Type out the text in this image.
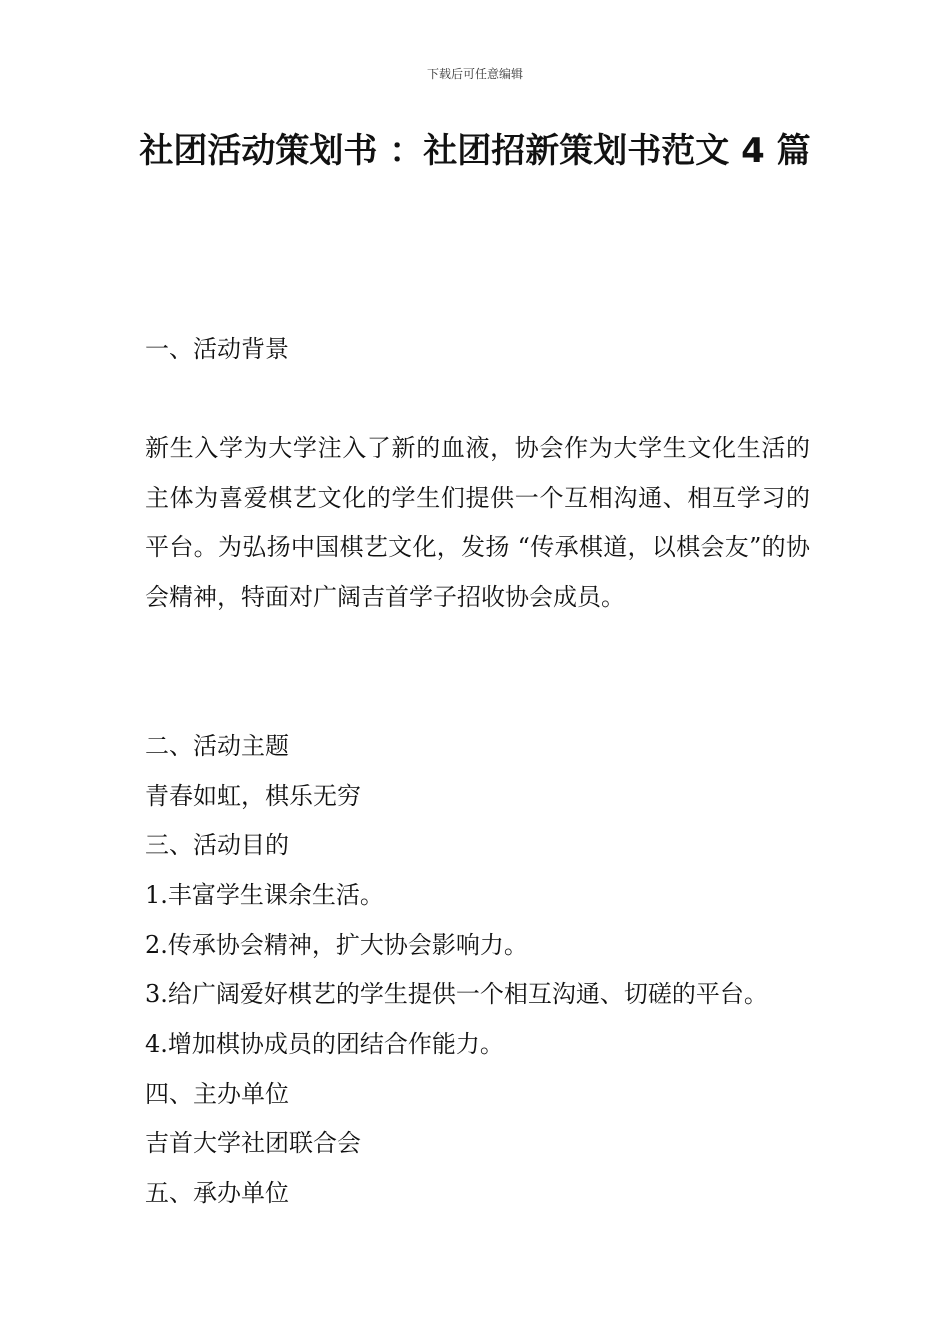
下载后可任意编辑
社团活动策划书 ：社团招新策划书范文 4 篇
一、活动背景

新生入学为大学注入了新的血液，协会作为大学生文化生活的主体为喜爱棋艺文化的学生们提供一个互相沟通、相互学习的平台。为弘扬中国棋艺文化，发扬 “传承棋道，以棋会友”的协会精神，特面对广阔吉首学子招收协会成员。

二、活动主题
青春如虹，棋乐无穷
三、活动目的
1.丰富学生课余生活。
2.传承协会精神，扩大协会影响力。
3.给广阔爱好棋艺的学生提供一个相互沟通、切磋的平台。
4.增加棋协成员的团结合作能力。
四、主办单位
吉首大学社团联合会
五、承办单位
